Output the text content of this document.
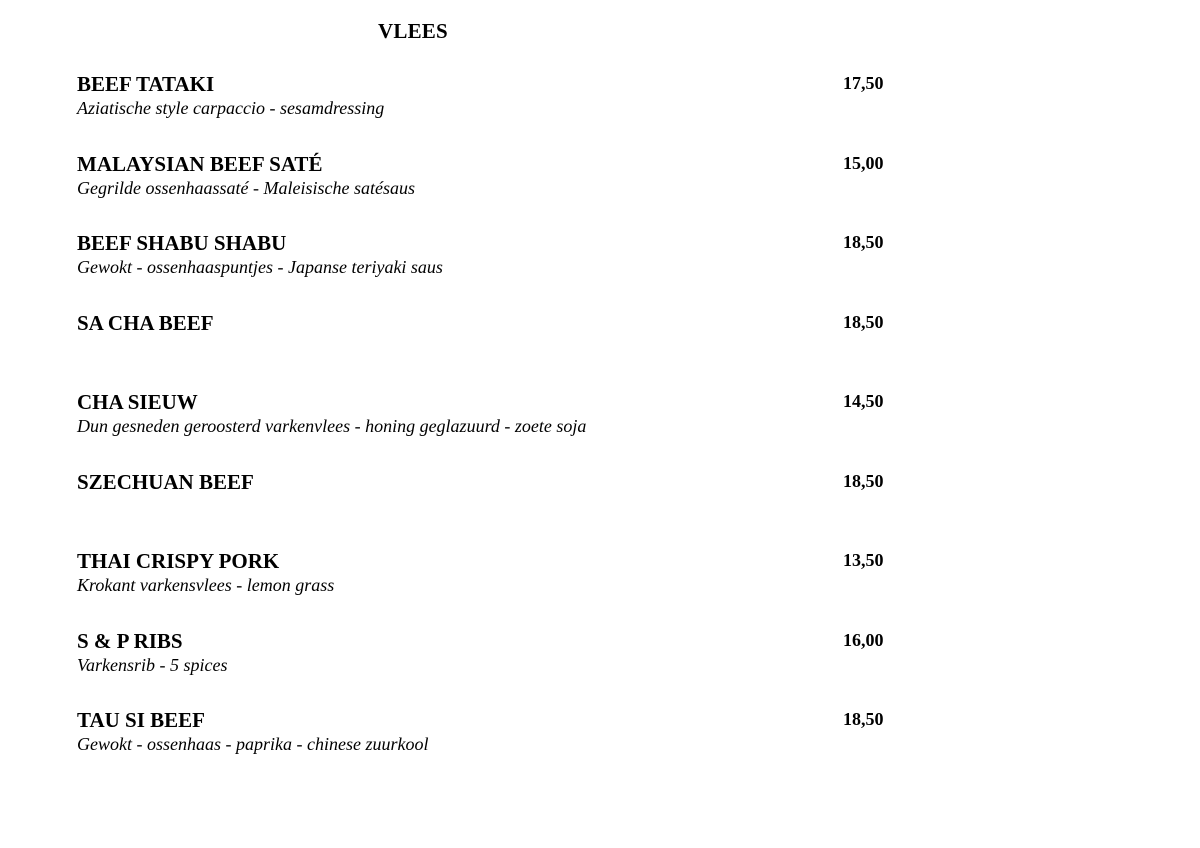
VLEES
BEEF TATAKI	17,50
Aziatische style carpaccio - sesamdressing
MALAYSIAN BEEF SATÉ	15,00
Gegrilde ossenhaassaté - Maleisische satésaus
BEEF SHABU SHABU	18,50
Gewokt - ossenhaaspuntjes - Japanse teriyaki saus
SA CHA BEEF	18,50
CHA SIEUW	14,50
Dun gesneden geroosterd varkenvlees - honing geglazuurd - zoete soja
SZECHUAN BEEF	18,50
THAI CRISPY PORK	13,50
Krokant varkensvlees - lemon grass
S & P RIBS	16,00
Varkensrib - 5 spices
TAU SI BEEF	18,50
Gewokt - ossenhaas - paprika - chinese zuurkool
